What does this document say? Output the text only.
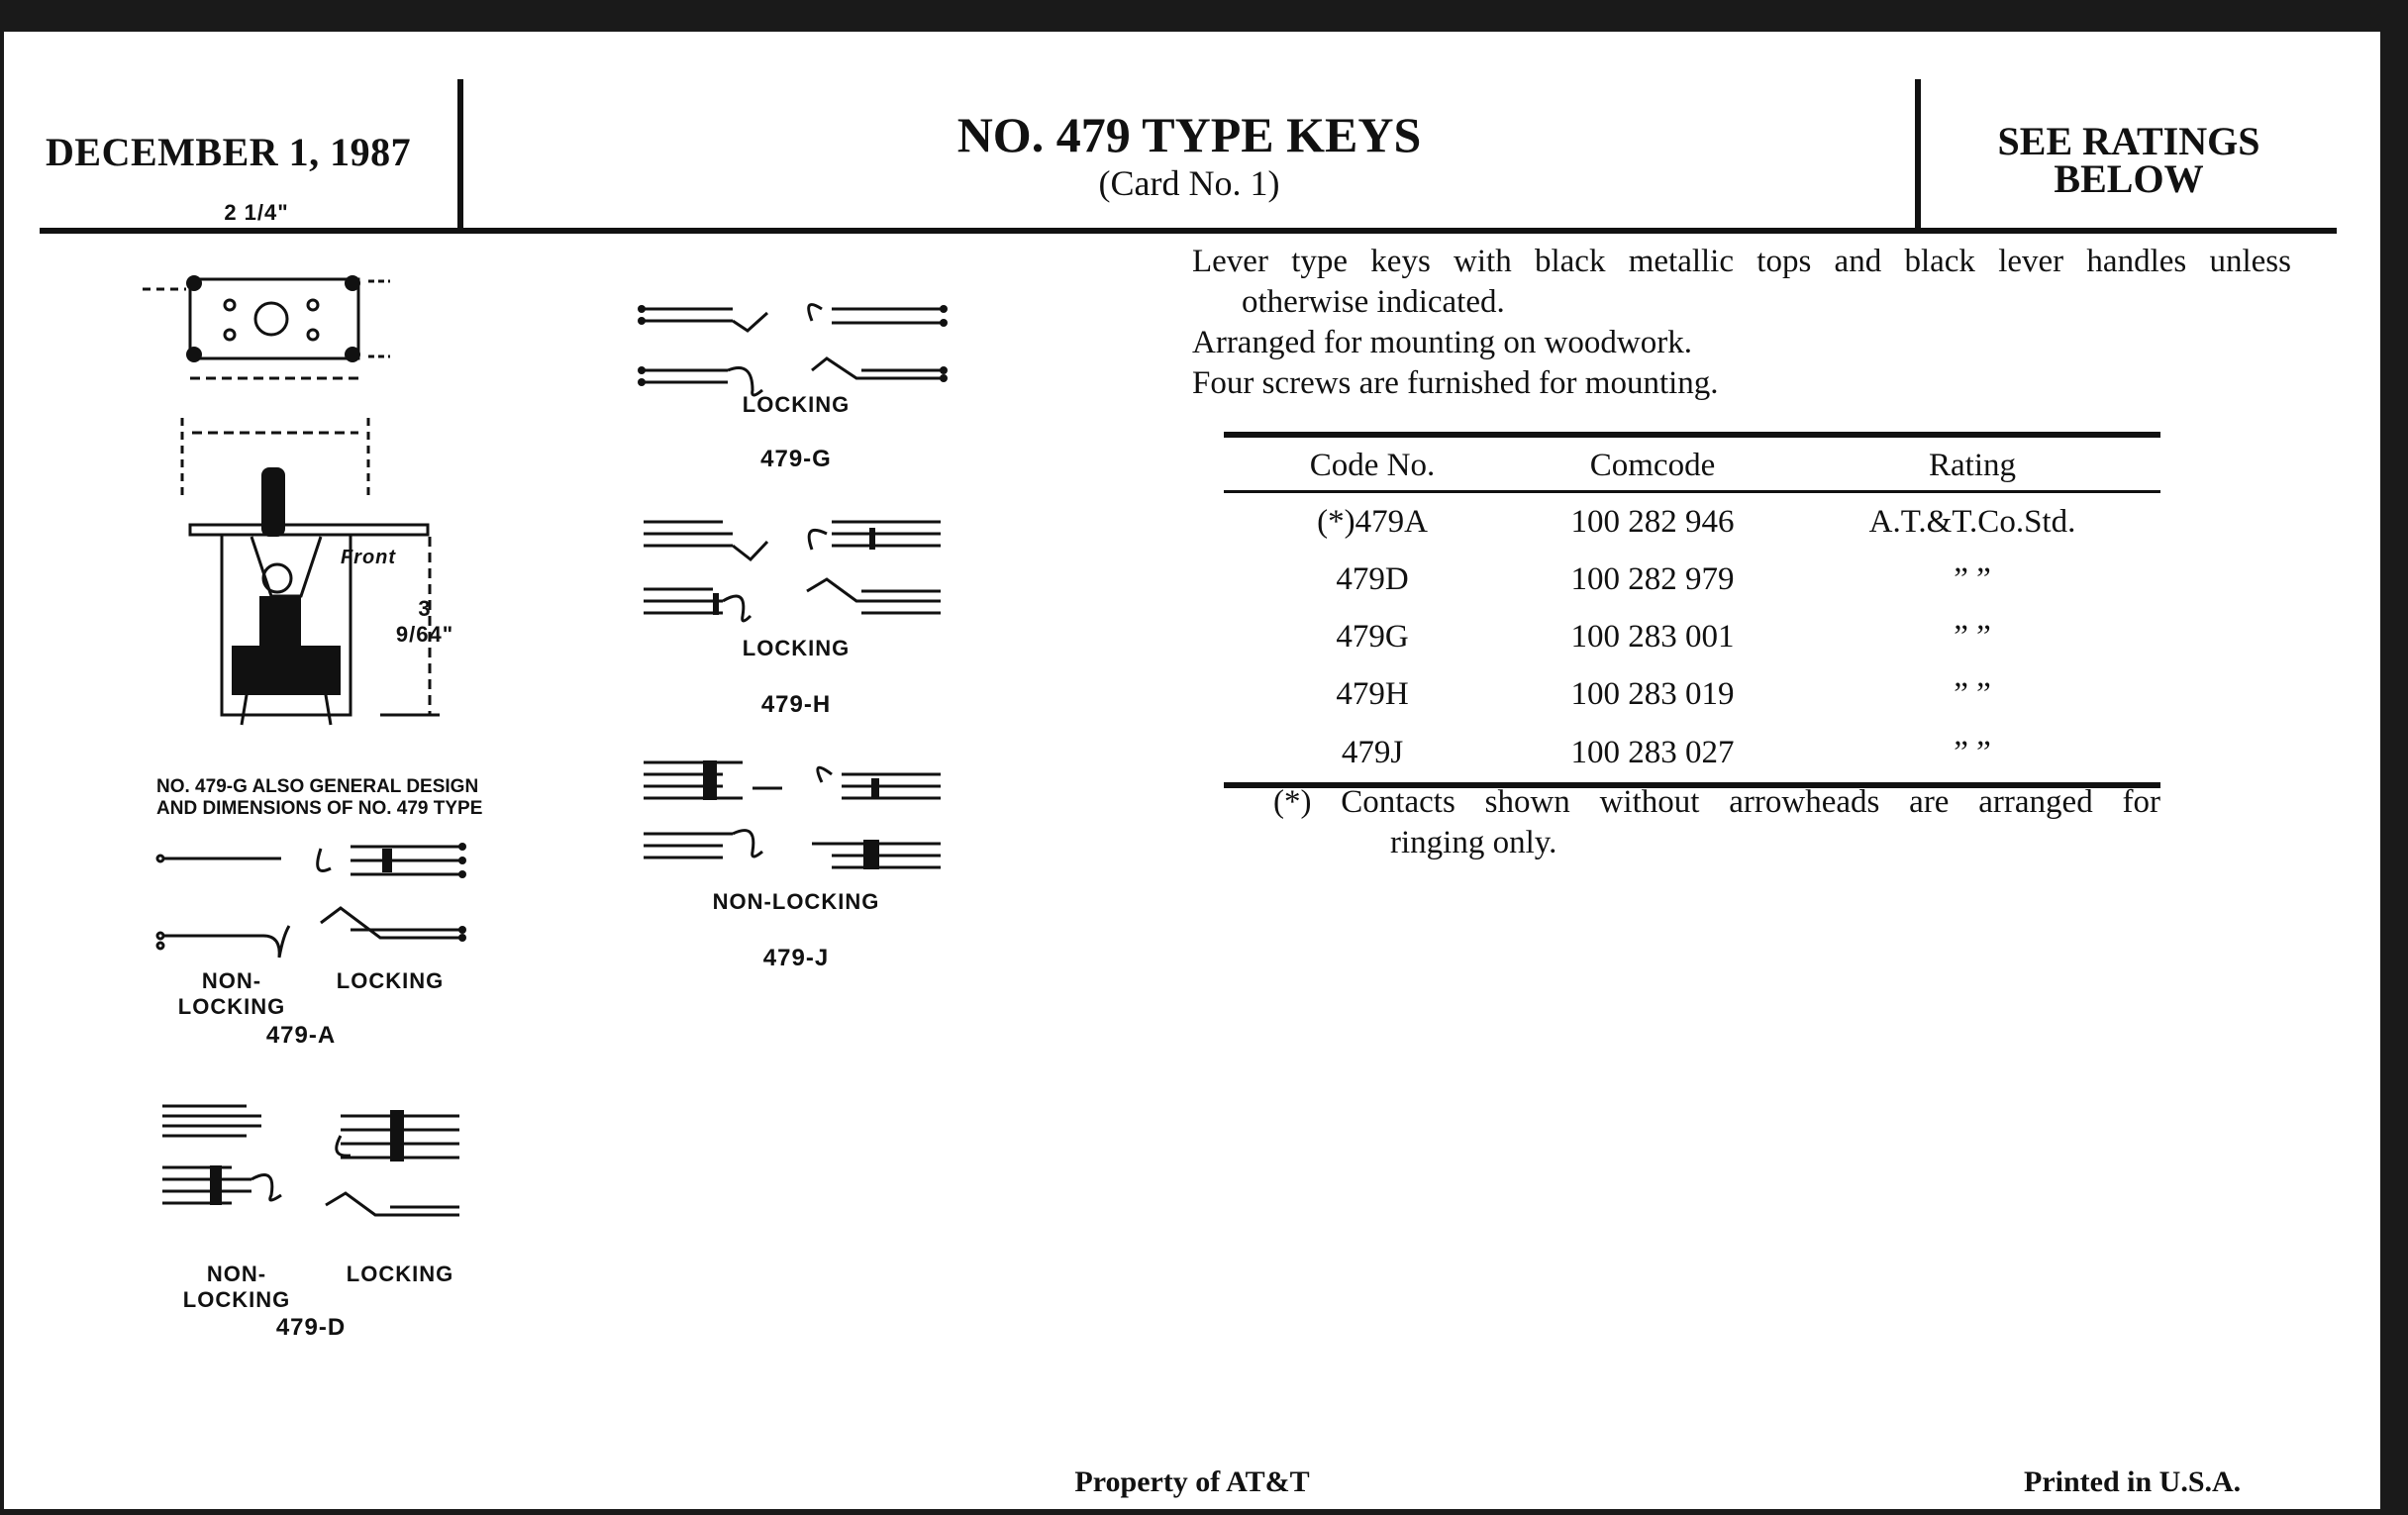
DECEMBER 1, 1987	NO. 479 TYPE KEYS
(Card No. 1)
SEE RATINGS
BELOW

Lever type keys with black metallic tops and black lever handles unless

otherwise indicated.

Arranged for mounting on woodwork.

Four screws are furnished for mounting.

Code No.	Comcode	Rating
(*)479A	100 282 946	A.T.&T.Co.Std.
479D	100 282 979	” ”
479G	100 283 001	” ”
479H	100 283 019	” ”
479J	100 283 027	” ”

(*) Contacts shown without arrowheads are arranged for

ringing only.

NO. 479-G ALSO GENERAL DESIGN
AND DIMENSIONS OF NO. 479 TYPE
Front
2 1/4"
3 9/64"
NON-LOCKING
LOCKING
479-A
NON-LOCKING
LOCKING
479-D
LOCKING
479-G
LOCKING
479-H
NON-LOCKING
479-J
Property of AT&T	Printed in U.S.A.
